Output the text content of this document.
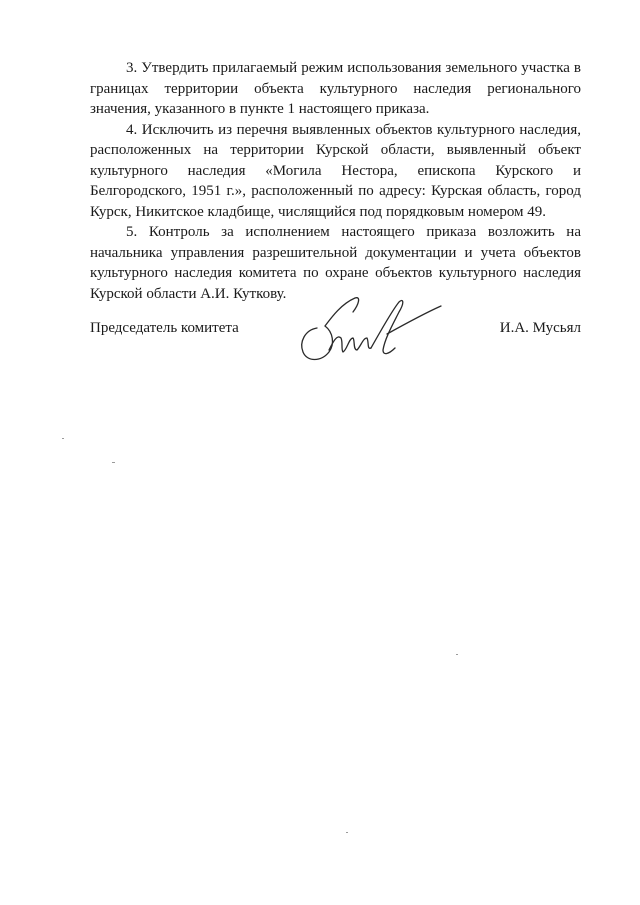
3. Утвердить прилагаемый режим использования земельного участка в границах территории объекта культурного наследия регионального значения, указанного в пункте 1 настоящего приказа.

4. Исключить из перечня выявленных объектов культурного наследия, расположенных на территории Курской области, выявленный объект культурного наследия «Могила Нестора, епископа Курского и Белгородского, 1951 г.», расположенный по адресу: Курская область, город Курск, Никитское кладбище, числящийся под порядковым номером 49.

5. Контроль за исполнением настоящего приказа возложить на начальника управления разрешительной документации и учета объектов культурного наследия комитета по охране объектов культурного наследия Курской области А.И. Куткову.

Председатель комитета	И.А. Мусьял
